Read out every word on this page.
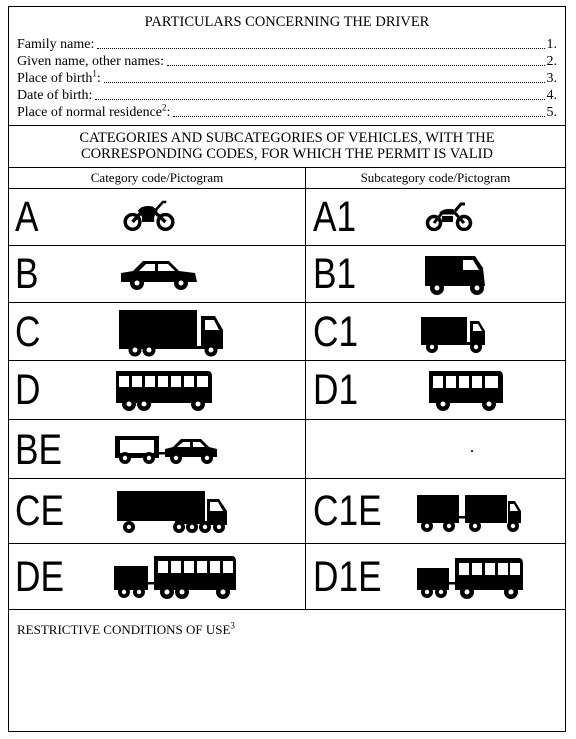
PARTICULARS CONCERNING THE DRIVER
Family name:	1.
Given name, other names:	2.
Place of birth$^1$:	3.
Date of birth:	4.
Place of normal residence$^2$:	5.
CATEGORIES AND SUBCATEGORIES OF VEHICLES, WITH THE
CORRESPONDING CODES, FOR WHICH THE PERMIT IS VALID
Category code/Pictogram	Subcategory code/Pictogram
A	A1
B	B1
C	C1
D	D1
BE
CE	C1E
DE	D1E
RESTRICTIVE CONDITIONS OF USE$^3$
